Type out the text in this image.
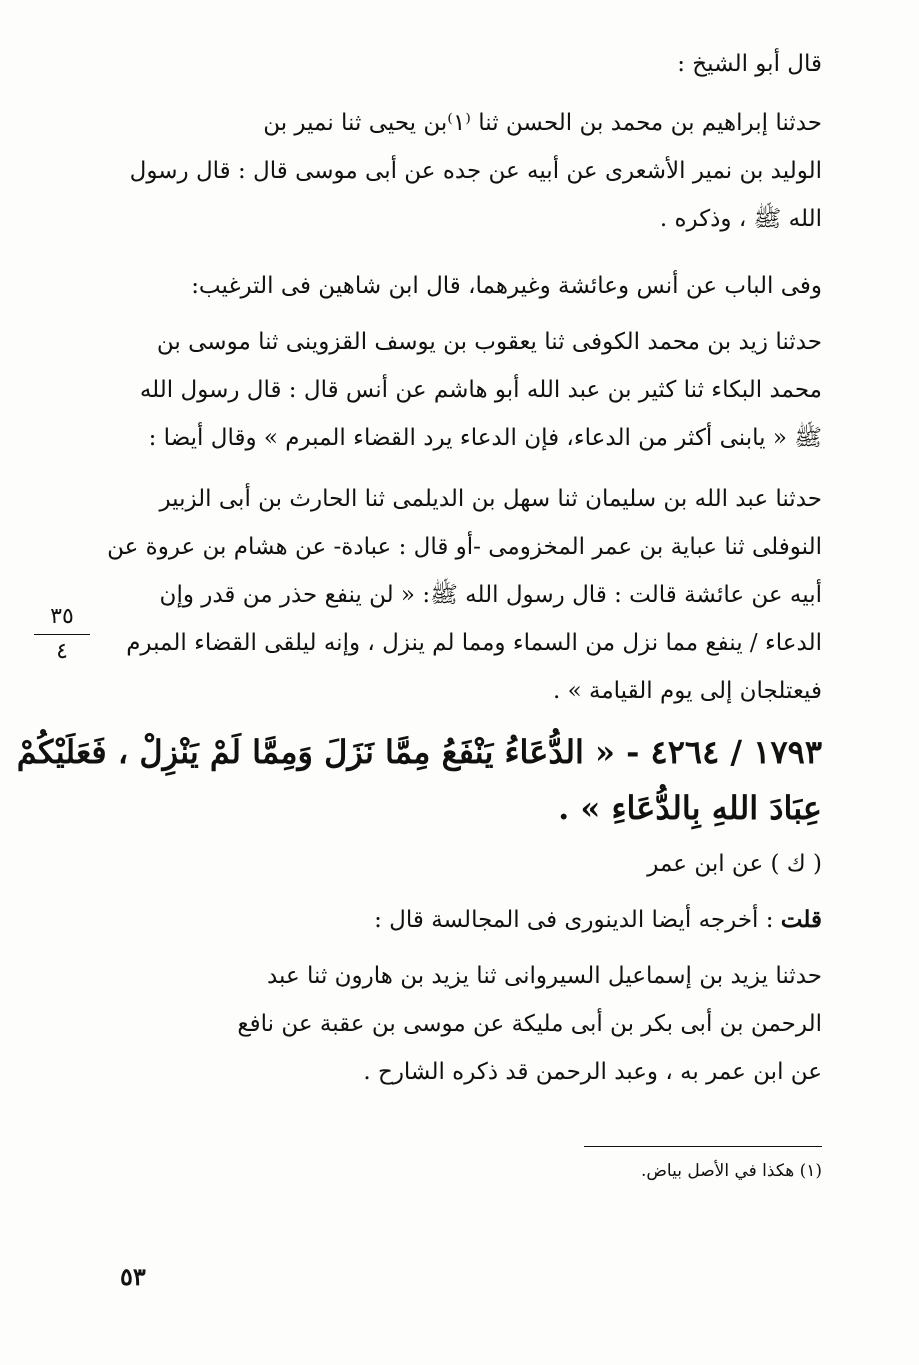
قال أبو الشيخ :
حدثنا إبراهيم بن محمد بن الحسن ثنا ⁽١⁾بن يحيى ثنا نمير بن
الوليد بن نمير الأشعرى عن أبيه عن جده عن أبى موسى قال : قال رسول
الله ﷺ ، وذكره .
وفى الباب عن أنس وعائشة وغيرهما، قال ابن شاهين فى الترغيب:
حدثنا زيد بن محمد الكوفى ثنا يعقوب بن يوسف القزوينى ثنا موسى بن
محمد البكاء ثنا كثير بن عبد الله أبو هاشم عن أنس قال : قال رسول الله
ﷺ « يابنى أكثر من الدعاء، فإن الدعاء يرد القضاء المبرم » وقال أيضا :
حدثنا عبد الله بن سليمان ثنا سهل بن الديلمى ثنا الحارث بن أبى الزبير
النوفلى ثنا عباية بن عمر المخزومى -أو قال : عبادة- عن هشام بن عروة عن
أبيه عن عائشة قالت : قال رسول الله ﷺ: « لن ينفع حذر من قدر وإن
الدعاء / ينفع مما نزل من السماء ومما لم ينزل ، وإنه ليلقى القضاء المبرم
فيعتلجان إلى يوم القيامة » .
٣٥
٤
١٧٩٣ / ٤٢٦٤ - « الدُّعَاءُ يَنْفَعُ مِمَّا نَزَلَ وَمِمَّا لَمْ يَنْزِلْ ، فَعَلَيْكُمْ
عِبَادَ اللهِ بِالدُّعَاءِ » .
( ك ) عن ابن عمر
قلت : أخرجه أيضا الدينورى فى المجالسة قال :
حدثنا يزيد بن إسماعيل السيروانى ثنا يزيد بن هارون ثنا عبد
الرحمن بن أبى بكر بن أبى مليكة عن موسى بن عقبة عن نافع
عن ابن عمر به ، وعبد الرحمن قد ذكره الشارح .
(١) هكذا في الأصل بياض.
٥٣
